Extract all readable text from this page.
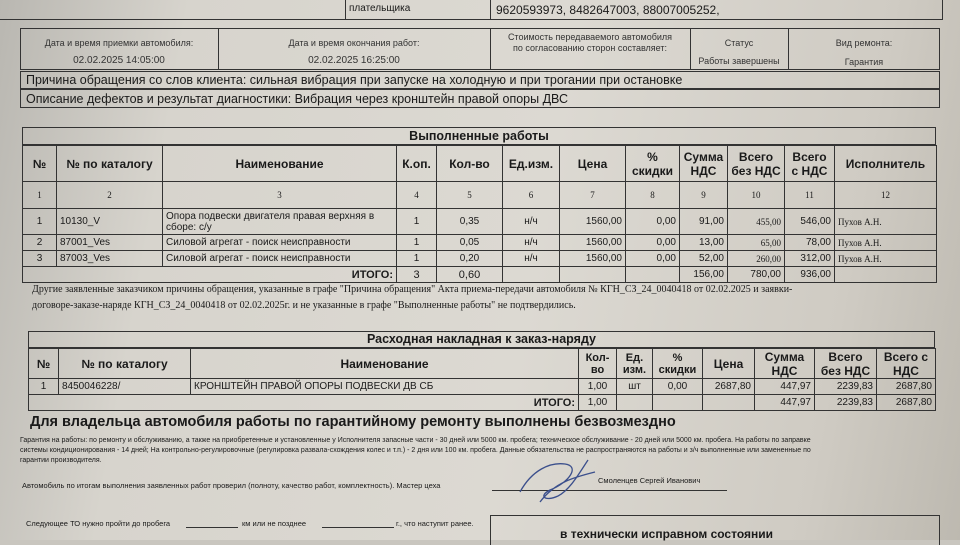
плательщика	9620593973, 8482647003, 88007005252,
Дата и время приемки автомобиля:
02.02.2025 14:05:00
Дата и время окончания работ:
02.02.2025 16:25:00
Стоимость передаваемого автомобиля
по согласованию сторон составляет:	Статус
Работы завершены
Вид ремонта:
Гарантия
Причина обращения со слов клиента: сильная вибрация при запуске на холодную и при трогании при остановке
Описание дефектов и результат диагностики: Вибрация через кронштейн правой опоры ДВС
Выполненные работы
№	№ по каталогу	Наименование	К.оп.	Кол-во	Ед.изм.	Цена	% скидки	Сумма НДС	Всего без НДС	Всего с НДС	Исполнитель
1	2	3	4	5	6	7	8	9	10	11	12
1	10130_V	Опора подвески двигателя правая верхняя в сборе: с/у	1	0,35	н/ч	1560,00	0,00	91,00	455,00	546,00	Пухов А.Н.
2	87001_Ves	Силовой агрегат - поиск неисправности	1	0,05	н/ч	1560,00	0,00	13,00	65,00	78,00	Пухов А.Н.
3	87003_Ves	Силовой агрегат - поиск неисправности	1	0,20	н/ч	1560,00	0,00	52,00	260,00	312,00	Пухов А.Н.
ИТОГО:			3	0,60				156,00	780,00	936,00	
Другие заявленные заказчиком причины обращения, указанные в графе "Причина обращения" Акта приема-передачи автомобиля № КГН_СЗ_24_0040418 от 02.02.2025 и заявки-
договоре-заказе-наряде КГН_СЗ_24_0040418 от 02.02.2025г. и не указанные в графе "Выполненные работы" не подтвердились.
Расходная накладная к заказ-наряду
№	№ по каталогу	Наименование	Кол-во	Ед. изм.	% скидки	Цена	Сумма НДС	Всего без НДС	Всего с НДС
1	8450046228/	КРОНШТЕЙН ПРАВОЙ ОПОРЫ ПОДВЕСКИ ДВ СБ	1,00	шт	0,00	2687,80	447,97	2239,83	2687,80
ИТОГО:			1,00				447,97	2239,83	2687,80
Для владельца автомобиля работы по гарантийному ремонту выполнены безвозмездно
Гарантия на работы: по ремонту и обслуживанию, а также на приобретенные и установленные у Исполнителя запасные части - 30 дней или 5000 км. пробега; техническое обслуживание - 20 дней или 5000 км. пробега. На работы по заправке
системы кондиционирования - 14 дней; На контрольно-регулировочные (регулировка развала-схождения колес и т.п.) - 2 дня или 100 км. пробега. Данные обязательства не распространяются на работы и з/ч выполненные или замененные по
гарантии производителя.
Автомобиль по итогам выполнения заявленных работ проверил (полноту, качество работ, комплектность). Мастер цеха
Смоленцев Сергей Иванович
Следующее ТО нужно пройти до пробега	км или не позднее	г., что наступит ранее.
в технически исправном состоянии
